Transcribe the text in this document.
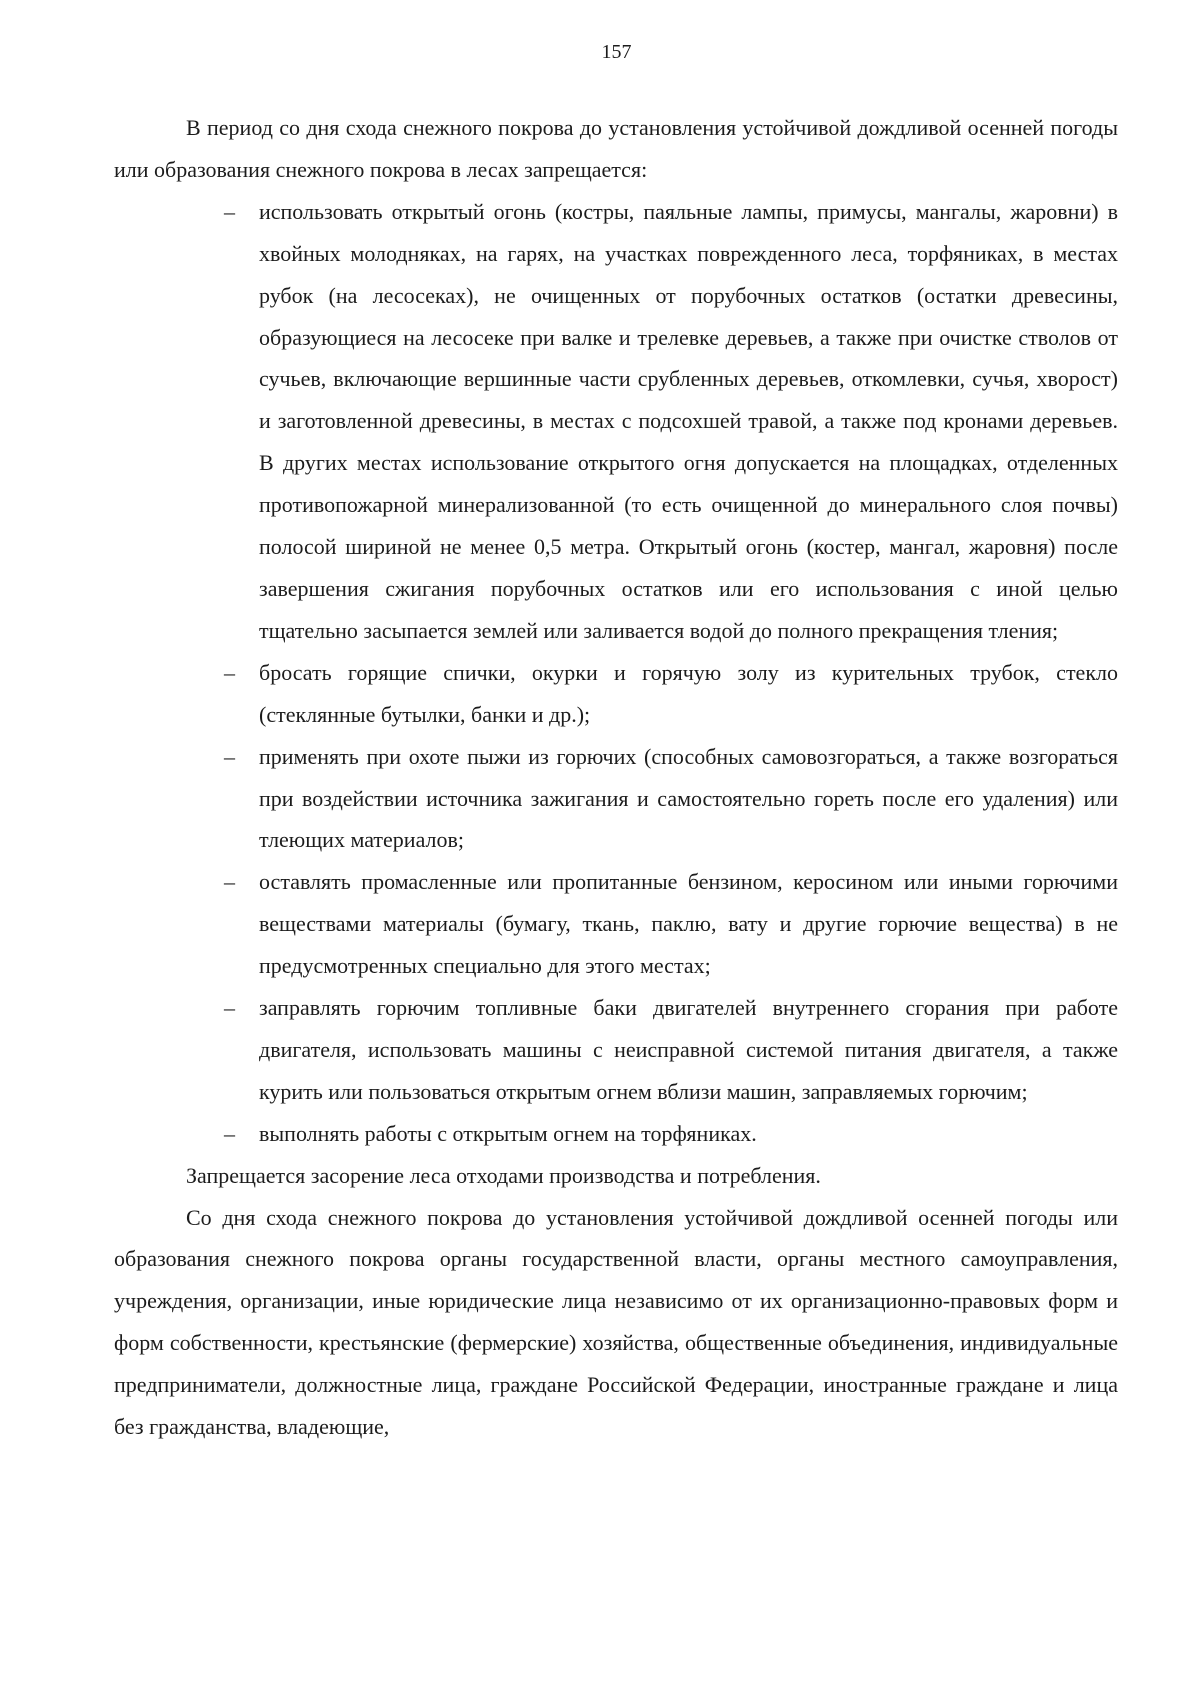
157

В период со дня схода снежного покрова до установления устойчивой дождливой осенней погоды или образования снежного покрова в лесах запрещается:

– использовать открытый огонь (костры, паяльные лампы, примусы, мангалы, жаровни) в хвойных молодняках, на гарях, на участках поврежденного леса, торфяниках, в местах рубок (на лесосеках), не очищенных от порубочных остатков (остатки древесины, образующиеся на лесосеке при валке и трелевке деревьев, а также при очистке стволов от сучьев, включающие вершинные части срубленных деревьев, откомлевки, сучья, хворост) и заготовленной древесины, в местах с подсохшей травой, а также под кронами деревьев. В других местах использование открытого огня допускается на площадках, отделенных противопожарной минерализованной (то есть очищенной до минерального слоя почвы) полосой шириной не менее 0,5 метра. Открытый огонь (костер, мангал, жаровня) после завершения сжигания порубочных остатков или его использования с иной целью тщательно засыпается землей или заливается водой до полного прекращения тления;
– бросать горящие спички, окурки и горячую золу из курительных трубок, стекло (стеклянные бутылки, банки и др.);
– применять при охоте пыжи из горючих (способных самовозгораться, а также возгораться при воздействии источника зажигания и самостоятельно гореть после его удаления) или тлеющих материалов;
– оставлять промасленные или пропитанные бензином, керосином или иными горючими веществами материалы (бумагу, ткань, паклю, вату и другие горючие вещества) в не предусмотренных специально для этого местах;
– заправлять горючим топливные баки двигателей внутреннего сгорания при работе двигателя, использовать машины с неисправной системой питания двигателя, а также курить или пользоваться открытым огнем вблизи машин, заправляемых горючим;
– выполнять работы с открытым огнем на торфяниках.

Запрещается засорение леса отходами производства и потребления.

Со дня схода снежного покрова до установления устойчивой дождливой осенней погоды или образования снежного покрова органы государственной власти, органы местного самоуправления, учреждения, организации, иные юридические лица независимо от их организационно-правовых форм и форм собственности, крестьянские (фермерские) хозяйства, общественные объединения, индивидуальные предприниматели, должностные лица, граждане Российской Федерации, иностранные граждане и лица без гражданства, владеющие,
